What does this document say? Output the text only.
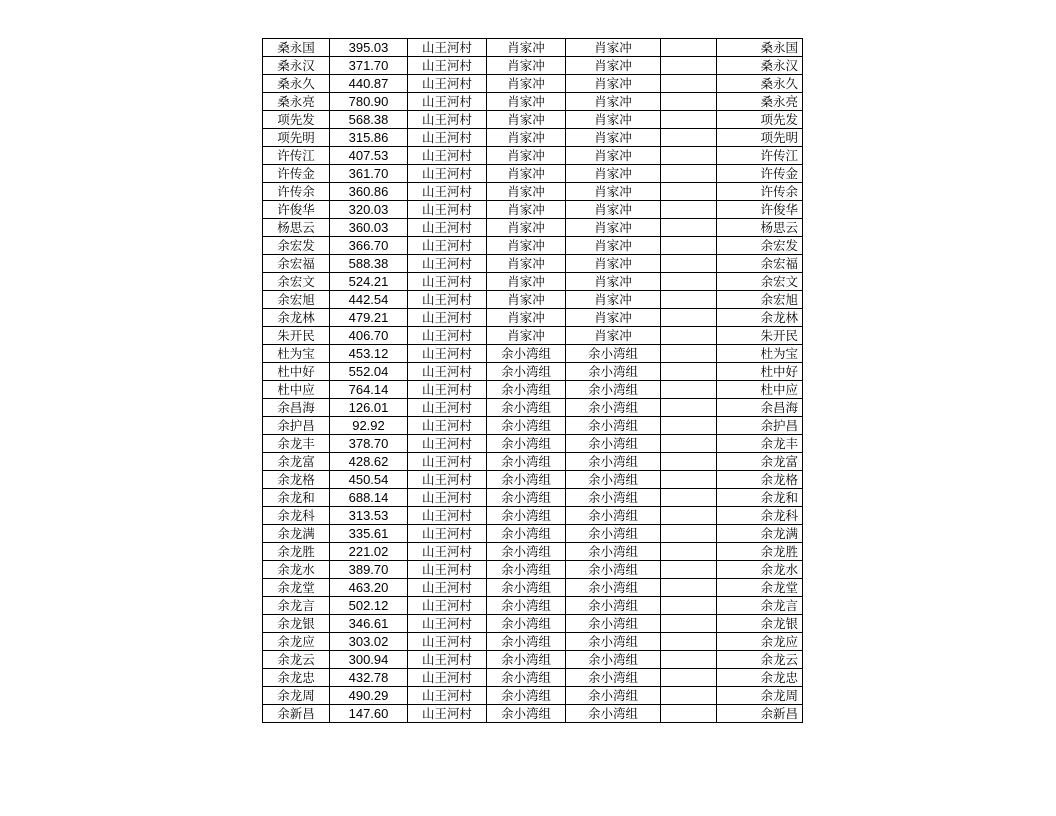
桑永国	395.03	山王河村	肖家冲	肖家冲		桑永国
桑永汉	371.70	山王河村	肖家冲	肖家冲		桑永汉
桑永久	440.87	山王河村	肖家冲	肖家冲		桑永久
桑永亮	780.90	山王河村	肖家冲	肖家冲		桑永亮
项先发	568.38	山王河村	肖家冲	肖家冲		项先发
项先明	315.86	山王河村	肖家冲	肖家冲		项先明
许传江	407.53	山王河村	肖家冲	肖家冲		许传江
许传金	361.70	山王河村	肖家冲	肖家冲		许传金
许传余	360.86	山王河村	肖家冲	肖家冲		许传余
许俊华	320.03	山王河村	肖家冲	肖家冲		许俊华
杨思云	360.03	山王河村	肖家冲	肖家冲		杨思云
余宏发	366.70	山王河村	肖家冲	肖家冲		余宏发
余宏福	588.38	山王河村	肖家冲	肖家冲		余宏福
余宏文	524.21	山王河村	肖家冲	肖家冲		余宏文
余宏旭	442.54	山王河村	肖家冲	肖家冲		余宏旭
余龙林	479.21	山王河村	肖家冲	肖家冲		余龙林
朱开民	406.70	山王河村	肖家冲	肖家冲		朱开民
杜为宝	453.12	山王河村	余小湾组	余小湾组		杜为宝
杜中好	552.04	山王河村	余小湾组	余小湾组		杜中好
杜中应	764.14	山王河村	余小湾组	余小湾组		杜中应
余昌海	126.01	山王河村	余小湾组	余小湾组		余昌海
余护昌	92.92	山王河村	余小湾组	余小湾组		余护昌
余龙丰	378.70	山王河村	余小湾组	余小湾组		余龙丰
余龙富	428.62	山王河村	余小湾组	余小湾组		余龙富
余龙格	450.54	山王河村	余小湾组	余小湾组		余龙格
余龙和	688.14	山王河村	余小湾组	余小湾组		余龙和
余龙科	313.53	山王河村	余小湾组	余小湾组		余龙科
余龙满	335.61	山王河村	余小湾组	余小湾组		余龙满
余龙胜	221.02	山王河村	余小湾组	余小湾组		余龙胜
余龙水	389.70	山王河村	余小湾组	余小湾组		余龙水
余龙堂	463.20	山王河村	余小湾组	余小湾组		余龙堂
余龙言	502.12	山王河村	余小湾组	余小湾组		余龙言
余龙银	346.61	山王河村	余小湾组	余小湾组		余龙银
余龙应	303.02	山王河村	余小湾组	余小湾组		余龙应
余龙云	300.94	山王河村	余小湾组	余小湾组		余龙云
余龙忠	432.78	山王河村	余小湾组	余小湾组		余龙忠
余龙周	490.29	山王河村	余小湾组	余小湾组		余龙周
余新昌	147.60	山王河村	余小湾组	余小湾组		余新昌
